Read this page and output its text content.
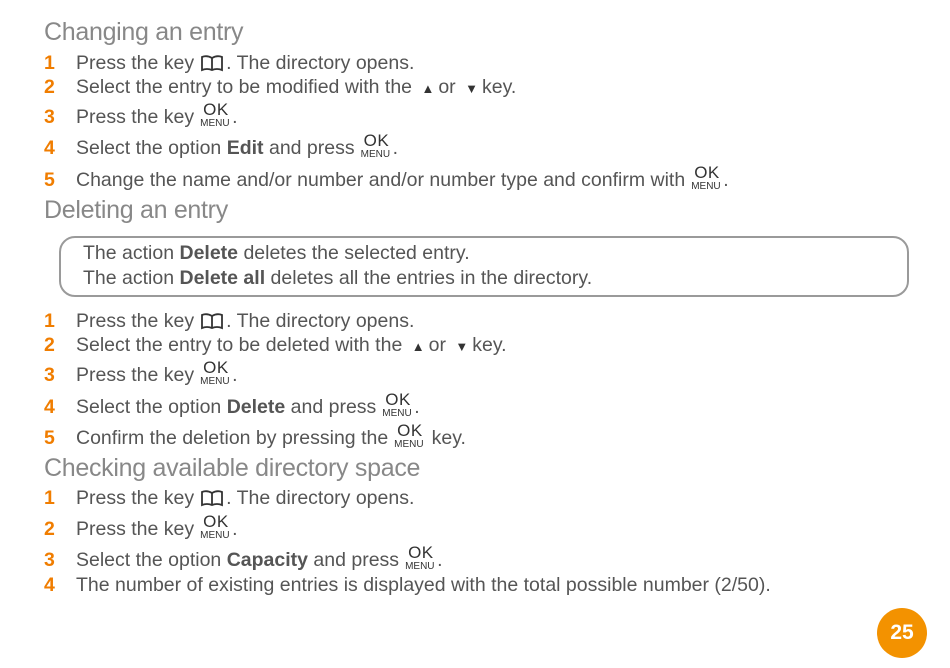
Changing an entry
1	Press the key . The directory opens.
2	Select the entry to be modified with the ▲ or ▼ key.
3	Press the key OK
MENU .
4	Select the option Edit and press OK
MENU .
5	Change the name and/or number and/or number type and confirm with OK
MENU .
Deleting an entry
The action Delete deletes the selected entry.
The action Delete all deletes all the entries in the directory.
1	Press the key . The directory opens.
2	Select the entry to be deleted with the ▲ or ▼ key.
3	Press the key OK
MENU .
4	Select the option Delete and press OK
MENU .
5	Confirm the deletion by pressing the OK
MENU key.
Checking available directory space
1	Press the key . The directory opens.
2	Press the key OK
MENU .
3	Select the option Capacity and press OK
MENU .
4	The number of existing entries is displayed with the total possible number (2/50).
25
